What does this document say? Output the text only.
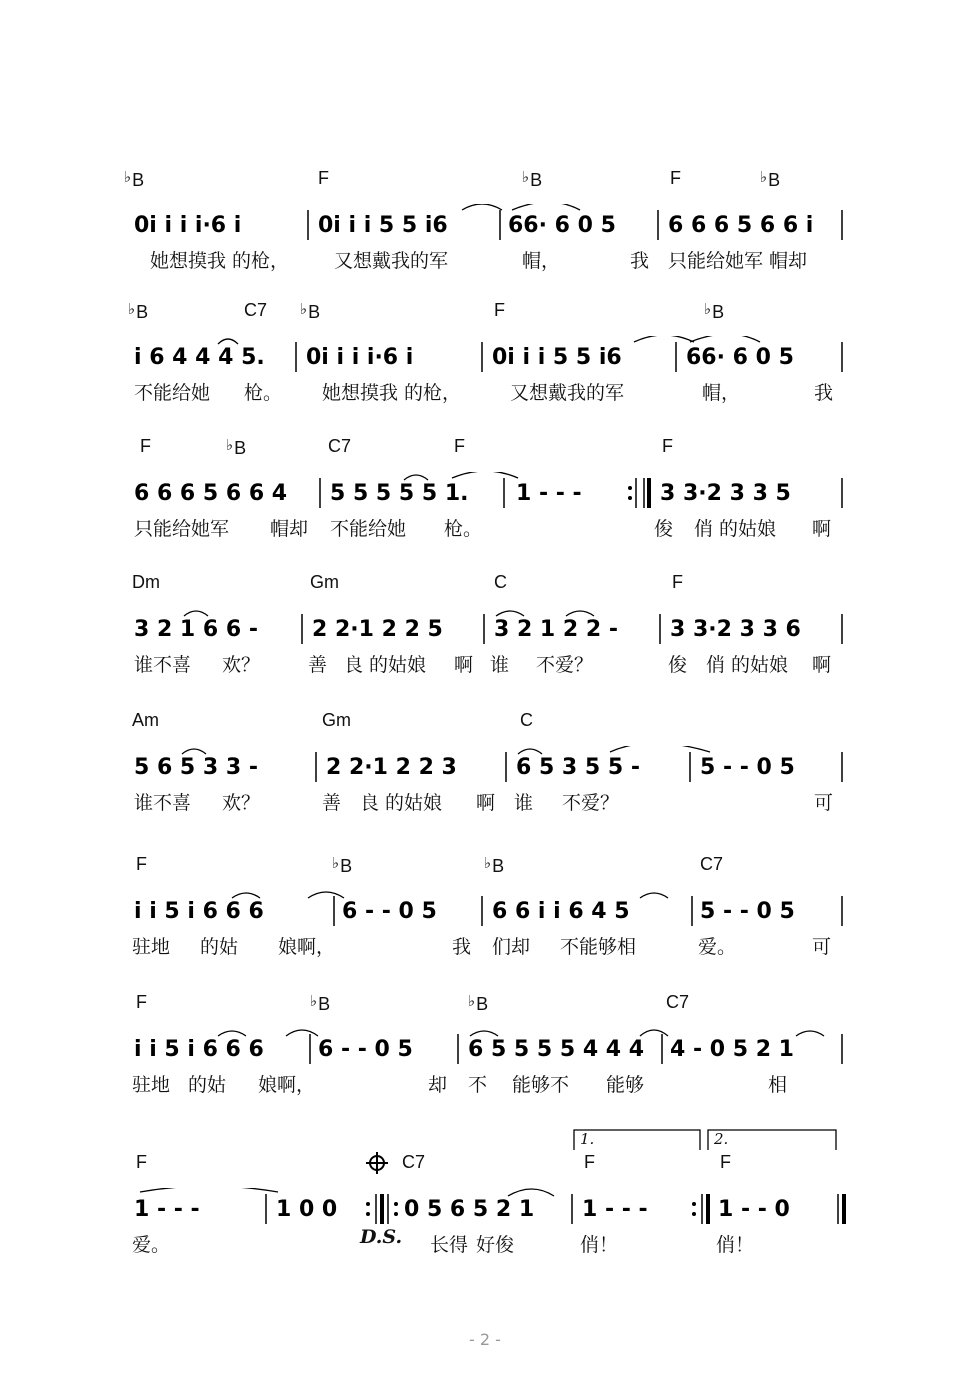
♭B	F	♭B	F	♭B
0i i i i·6 i	0i i i 5 5 i6	66· 6 0 5 6 6 6 5 6 6 i
她想摸我 的枪， 又想戴我的军	帽，	我 只能给她军 帽却
♭B	C7 ♭B	F	♭B
i 6 4 4 4 5. 0i i i i·6 i	0i i i 5 5 i6	66· 6 0 5
不能给她 枪。 她想摸我 的枪，	又想戴我的军	帽，	我
F	♭B	C7	F	F
6 6 6 5 6 6 4 5 5 5 5 5 1. 1 - - -	3 3·2 3 3 5
只能给她军 帽却 不能给她 枪。	俊 俏 的姑娘 啊
Dm	Gm	C	F
3 2 1 6 6 - 2 2·1 2 2 5 3 2 1 2 2 - 3 3·2 3 3 6
谁不喜 欢？	善 良 的姑娘 啊 谁 不爱？	俊 俏 的姑娘 啊
Am	Gm	C
5 6 5 3 3 -	2 2·1 2 2 3	6 5 3 5 5 -	5 - - 0 5
谁不喜 欢？	善 良 的姑娘 啊 谁 不爱？	可
F	♭B	♭B	C7
i i 5 i 6 6 6	6 - - 0 5	6 6 i i 6 4 5	5 - - 0 5
驻地 的姑 娘啊，	我 们却 不能够相	爱。	可
F	♭B	♭B	C7
i i 5 i 6 6 6 6 - - 0 5	6 5 5 5 5 4 4 4 4 - 0 5 2 1
驻地 的姑 娘啊，	却 不 能够不 能够	相
F	C7	F	F
1.	2.
1 - - -	1 0 0	0 5 6 5 2 1 1 - - -	1 - - 0
爱。	D.S. 长得 好俊	俏！	俏！
- 2 -
